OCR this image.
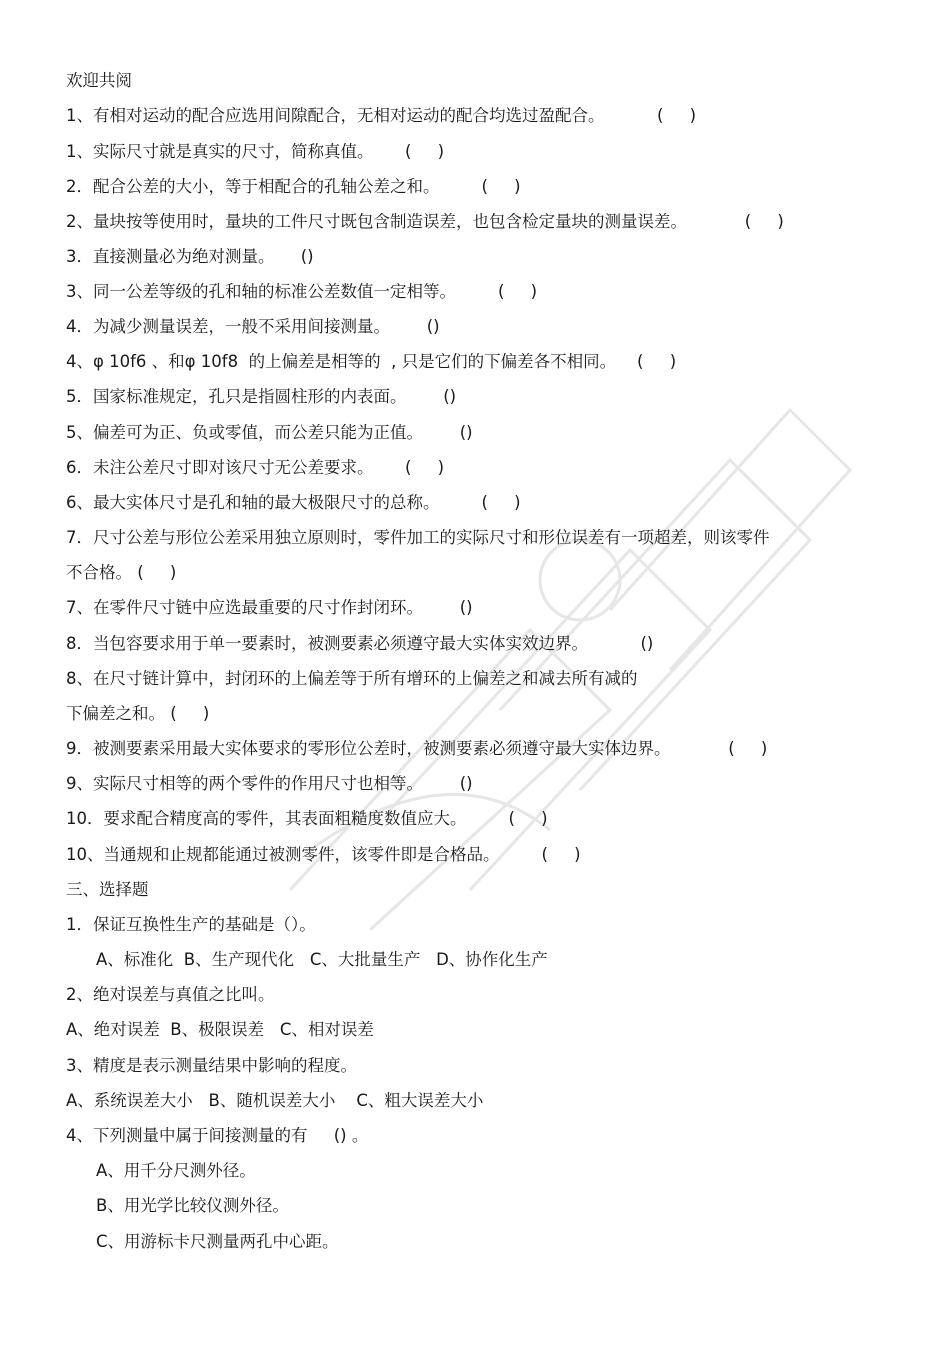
欢迎共阅
1、有相对运动的配合应选用间隙配合，无相对运动的配合均选过盈配合。          (     )
1、实际尺寸就是真实的尺寸，简称真值。      (     )
2．配合公差的大小，等于相配合的孔轴公差之和。        (     )
2、量块按等使用时，量块的工件尺寸既包含制造误差，也包含检定量块的测量误差。           (     )
3．直接测量必为绝对测量。     ()
3、同一公差等级的孔和轴的标准公差数值一定相等。        (     )
4．为减少测量误差，一般不采用间接测量。       ()
4、φ 10f6 、和φ 10f8  的上偏差是相等的  , 只是它们的下偏差各不相同。    (     )
5．国家标准规定，孔只是指圆柱形的内表面。       ()
5、偏差可为正、负或零值，而公差只能为正值。       ()
6．未注公差尺寸即对该尺寸无公差要求。      (     )
6、最大实体尺寸是孔和轴的最大极限尺寸的总称。        (     )
7．尺寸公差与形位公差采用独立原则时，零件加工的实际尺寸和形位误差有一项超差，则该零件
不合格。 (     )
7、在零件尺寸链中应选最重要的尺寸作封闭环。       ()
8．当包容要求用于单一要素时，被测要素必须遵守最大实体实效边界。          ()
8、在尺寸链计算中，封闭环的上偏差等于所有增环的上偏差之和减去所有减的
下偏差之和。 (     )
9．被测要素采用最大实体要求的零形位公差时，被测要素必须遵守最大实体边界。           (     )
9、实际尺寸相等的两个零件的作用尺寸也相等。       ()
10．要求配合精度高的零件，其表面粗糙度数值应大。        (     )
10、当通规和止规都能通过被测零件，该零件即是合格品。        (     )
三、选择题
1．保证互换性生产的基础是（）。
A、标准化  B、生产现代化   C、大批量生产   D、协作化生产
2、绝对误差与真值之比叫。
A、绝对误差  B、极限误差   C、相对误差
3、精度是表示测量结果中影响的程度。
A、系统误差大小   B、随机误差大小    C、粗大误差大小
4、下列测量中属于间接测量的有     () 。
A、用千分尺测外径。
B、用光学比较仪测外径。
C、用游标卡尺测量两孔中心距。
